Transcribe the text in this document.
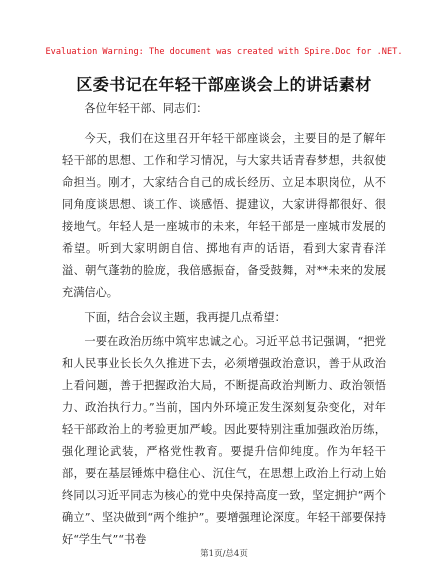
Evaluation Warning: The document was created with Spire.Doc for .NET.
区委书记在年轻干部座谈会上的讲话素材

各位年轻干部、同志们：

今天，我们在这里召开年轻干部座谈会，主要目的是了解年轻干部的思想、工作和学习情况，与大家共话青春梦想，共叙使命担当。刚才，大家结合自己的成长经历、立足本职岗位，从不同角度谈思想、谈工作、谈感悟、提建议，大家讲得都很好、很接地气。年轻人是一座城市的未来，年轻干部是一座城市发展的希望。听到大家明朗自信、掷地有声的话语，看到大家青春洋溢、朝气蓬勃的脸庞，我倍感振奋，备受鼓舞，对**未来的发展充满信心。

下面，结合会议主题，我再提几点希望：

一要在政治历练中筑牢忠诚之心。习近平总书记强调，“把党和人民事业长长久久推进下去，必须增强政治意识，善于从政治上看问题，善于把握政治大局，不断提高政治判断力、政治领悟力、政治执行力。”当前，国内外环境正发生深刻复杂变化，对年轻干部政治上的考验更加严峻。因此要特别注重加强政治历练，强化理论武装，严格党性教育。要提升信仰纯度。作为年轻干部，要在基层锤炼中稳住心、沉住气，在思想上政治上行动上始终同以习近平同志为核心的党中央保持高度一致，坚定拥护“两个确立”、坚决做到“两个维护”。要增强理论深度。年轻干部要保持好“学生气”“书卷

第1页/总4页
